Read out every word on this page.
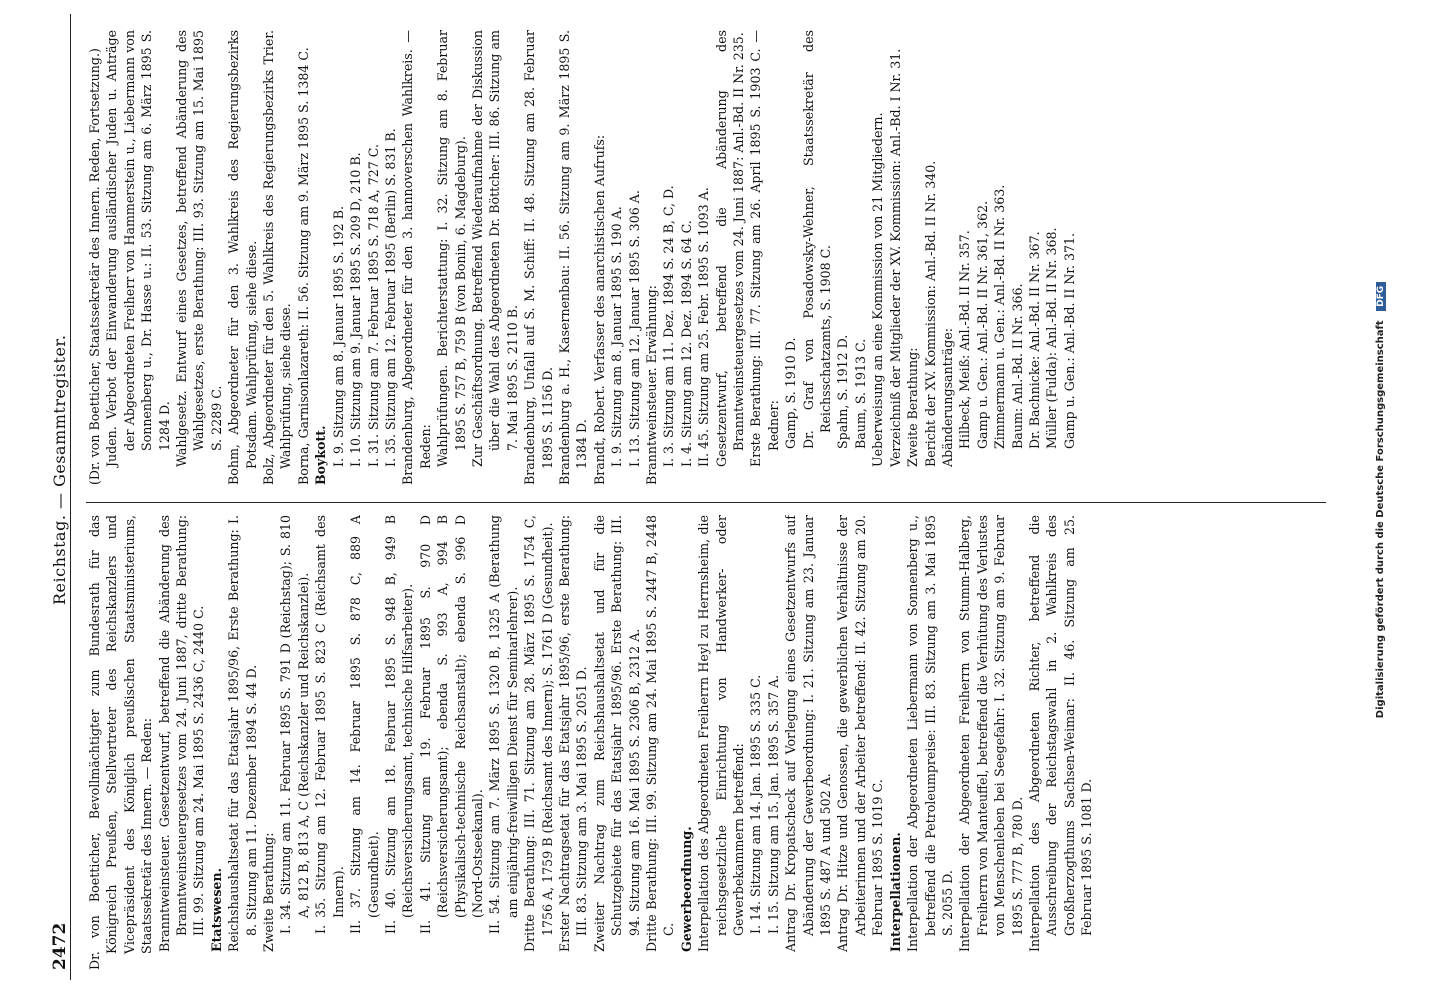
2472
Reichstag. — Gesammtregister.

Dr. von Boetticher, Bevollmächtigter zum Bundesrath für das Königreich Preußen, Stellvertreter des Reichskanzlers und Vicepräsident des Königlich preußischen Staatsministeriums, Staatssekretär des Innern. — Reden: Branntweinsteuer. Gesetzentwurf, betreffend die Abänderung des Branntweinsteuergesetzes vom 24. Juni 1887, dritte Berathung: III. 99. Sitzung am 24. Mai 1895 S. 2436 C, 2440 C. Etatswesen. Reichshaushaltsetat für das Etatsjahr 1895/96, Erste Berathung: I. 8. Sitzung am 11. Dezember 1894 S. 44 D. Zweite Berathung: I. 34. Sitzung am 11. Februar 1895 S. 791 D (Reichstag); S. 810 A, 812 B, 813 A, C (Reichskanzler und Reichskanzlei). I. 35. Sitzung am 12. Februar 1895 S. 823 C (Reichsamt des Innern). II. 37. Sitzung am 14. Februar 1895 S. 878 C, 889 A (Gesundheit). II. 40. Sitzung am 18. Februar 1895 S. 948 B, 949 B (Reichsversicherungsamt, technische Hilfsarbeiter). II. 41. Sitzung am 19. Februar 1895 S. 970 D (Reichsversicherungsamt); ebenda S. 993 A, 994 B (Physikalisch-technische Reichsanstalt); ebenda S. 996 D (Nord-Ostseekanal). II. 54. Sitzung am 7. März 1895 S. 1320 B, 1325 A (Berathung am einjährig-freiwilligen Dienst für Seminarlehrer). Dritte Berathung: III. 71. Sitzung am 28. März 1895 S. 1754 C, 1756 A, 1759 B (Reichsamt des Innern); S. 1761 D (Gesundheit). Erster Nachtragsetat für das Etatsjahr 1895/96, erste Berathung: III. 83. Sitzung am 3. Mai 1895 S. 2051 D. Zweiter Nachtrag zum Reichshaushaltsetat und für die Schutzgebiete für das Etatsjahr 1895/96. Erste Berathung: III. 94. Sitzung am 16. Mai 1895 S. 2306 B, 2312 A. Dritte Berathung: III. 99. Sitzung am 24. Mai 1895 S. 2447 B, 2448 C. Gewerbeordnung. Interpellation des Abgeordneten Freiherrn Heyl zu Herrnsheim, die reichsgesetzliche Einrichtung von Handwerker- oder Gewerbekammern betreffend: I. 14. Sitzung am 14. Jan. 1895 S. 335 C. I. 15. Sitzung am 15. Jan. 1895 S. 357 A. Antrag Dr. Kropatscheck auf Vorlegung eines Gesetzentwurfs auf Abänderung der Gewerbeordnung: I. 21. Sitzung am 23. Januar 1895 S. 487 A und 502 A. Antrag Dr. Hitze und Genossen, die gewerblichen Verhältnisse der Arbeiterinnen und der Arbeiter betreffend: II. 42. Sitzung am 20. Februar 1895 S. 1019 C. Interpellationen. Interpellation der Abgeordneten Liebermann von Sonnenberg u., betreffend die Petroleumpreise: III. 83. Sitzung am 3. Mai 1895 S. 2055 D. Interpellation der Abgeordneten Freiherrn von Stumm-Halberg, Freiherrn von Manteuffel, betreffend die Verhütung des Verlustes von Menschenleben bei Seegefahr: I. 32. Sitzung am 9. Februar 1895 S. 777 B, 780 D. Interpellation des Abgeordneten Richter, betreffend die Ausschreibung der Reichstagswahl in 2. Wahlkreis des Großherzogthums Sachsen-Weimar: II. 46. Sitzung am 25. Februar 1895 S. 1081 D.

(Dr. von Boetticher, Staatssekretär des Innern. Reden, Fortsetzung.) Juden. Verbot der Einwanderung ausländischer Juden u. Anträge der Abgeordneten Freiherr von Hammerstein u., Liebermann von Sonnenberg u., Dr. Hasse u.: II. 53. Sitzung am 6. März 1895 S. 1284 D. Wahlgesetz. Entwurf eines Gesetzes, betreffend Abänderung des Wahlgesetzes, erste Berathung: III. 93. Sitzung am 15. Mai 1895 S. 2289 C. Bohm, Abgeordneter für den 3. Wahlkreis des Regierungsbezirks Potsdam. Wahlprüfung, siehe diese. Bolz, Abgeordneter für den 5. Wahlkreis des Regierungsbezirks Trier. Wahlprüfung, siehe diese. Borna, Garnisonlazareth: II. 56. Sitzung am 9. März 1895 S. 1384 C. Boykott. I. 9. Sitzung am 8. Januar 1895 S. 192 B. I. 10. Sitzung am 9. Januar 1895 S. 209 D, 210 B. I. 31. Sitzung am 7. Februar 1895 S. 718 A, 727 C. I. 35. Sitzung am 12. Februar 1895 (Berlin) S. 831 B. Brandenburg, Abgeordneter für den 3. hannoverschen Wahlkreis. — Reden: Wahlprüfungen. Berichterstattung: I. 32. Sitzung am 8. Februar 1895 S. 757 B, 759 B (von Bonin, 6. Magdeburg). Zur Geschäftsordnung. Betreffend Wiederaufnahme der Diskussion über die Wahl des Abgeordneten Dr. Böttcher: III. 86. Sitzung am 7. Mai 1895 S. 2110 B. Brandenburg, Unfall auf S. M. Schiff: II. 48. Sitzung am 28. Februar 1895 S. 1156 D. Brandenburg a. H., Kasernenbau: II. 56. Sitzung am 9. März 1895 S. 1384 D. Brandt, Robert. Verfasser des anarchistischen Aufrufs: I. 9. Sitzung am 8. Januar 1895 S. 190 A. I. 13. Sitzung am 12. Januar 1895 S. 306 A. Branntweinsteuer. Erwähnung: I. 3. Sitzung am 11. Dez. 1894 S. 24 B, C, D. I. 4. Sitzung am 12. Dez. 1894 S. 64 C. II. 45. Sitzung am 25. Febr. 1895 S. 1093 A. Gesetzentwurf, betreffend die Abänderung des Branntweinsteuergesetzes vom 24. Juni 1887: Anl.-Bd. II Nr. 235. Erste Berathung: III. 77. Sitzung am 26. April 1895 S. 1903 C. — Redner: Gamp, S. 1910 D. Dr. Graf von Posadowsky-Wehner, Staatssekretär des Reichsschatzamts, S. 1908 C. Spahn, S. 1912 D. Baum, S. 1913 C. Ueberweisung an eine Kommission von 21 Mitgliedern. Verzeichniß der Mitglieder der XV. Kommission: Anl.-Bd. I Nr. 31. Zweite Berathung: Bericht der XV. Kommission: Anl.-Bd. II Nr. 340. Abänderungsanträge: Hilbeck, Meiß: Anl.-Bd. II Nr. 357. Gamp u. Gen.: Anl.-Bd. II Nr. 361, 362. Zimmermann u. Gen.: Anl.-Bd. II Nr. 363. Baum: Anl.-Bd. II Nr. 366. Dr. Bachnicke: Anl.-Bd. II Nr. 367. Müller (Fulda): Anl.-Bd. II Nr. 368. Gamp u. Gen.: Anl.-Bd. II Nr. 371.	Digitalisierung gefördert durch die Deutsche Forschungsgemeinschaft DFG
